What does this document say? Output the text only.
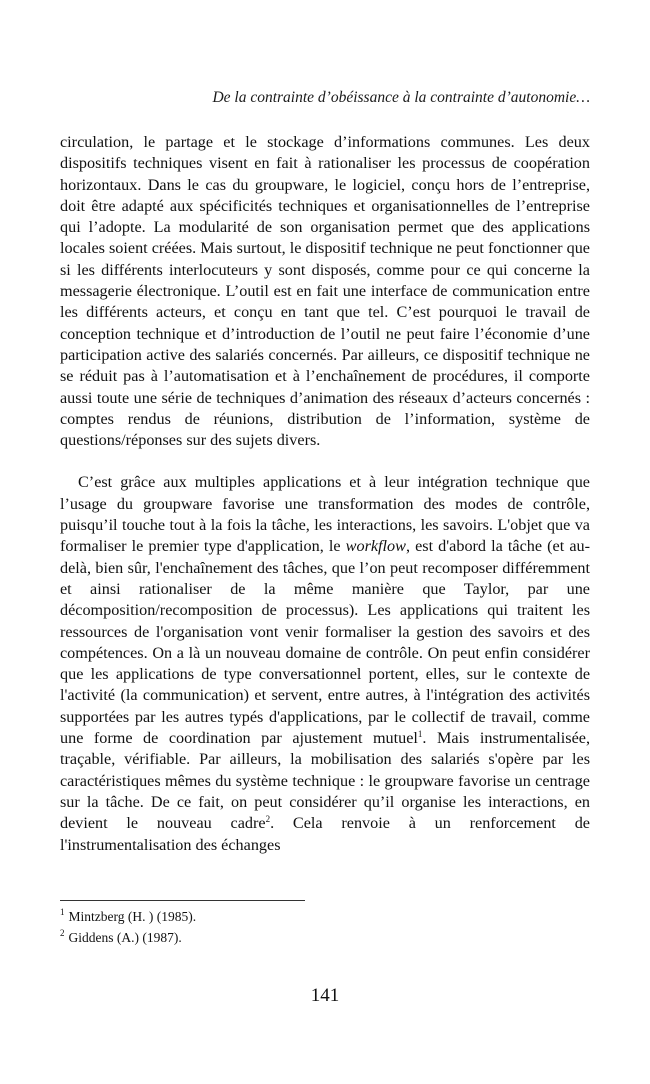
De la contrainte d’obéissance à la contrainte d’autonomie…

circulation, le partage et le stockage d’informations communes. Les deux dispositifs techniques visent en fait à rationaliser les processus de coopération horizontaux. Dans le cas du groupware, le logiciel, conçu hors de l’entreprise, doit être adapté aux spécificités techniques et organisationnelles de l’entreprise qui l’adopte. La modularité de son organisation permet que des applications locales soient créées. Mais surtout, le dispositif technique ne peut fonctionner que si les différents interlocuteurs y sont disposés, comme pour ce qui concerne la messagerie électronique. L’outil est en fait une interface de communication entre les différents acteurs, et conçu en tant que tel. C’est pourquoi le travail de conception technique et d’introduction de l’outil ne peut faire l’économie d’une participation active des salariés concernés. Par ailleurs, ce dispositif technique ne se réduit pas à l’automatisation et à l’enchaînement de procédures, il comporte aussi toute une série de techniques d’animation des réseaux d’acteurs concernés : comptes rendus de réunions, distribution de l’information, système de questions/réponses sur des sujets divers.

C’est grâce aux multiples applications et à leur intégration technique que l’usage du groupware favorise une transformation des modes de contrôle, puisqu’il touche tout à la fois la tâche, les interactions, les savoirs. L'objet que va formaliser le premier type d'application, le workflow, est d'abord la tâche (et au-delà, bien sûr, l'enchaînement des tâches, que l’on peut recomposer différemment et ainsi rationaliser de la même manière que Taylor, par une décomposition/recomposition de processus). Les applications qui traitent les ressources de l'organisation vont venir formaliser la gestion des savoirs et des compétences. On a là un nouveau domaine de contrôle. On peut enfin considérer que les applications de type conversationnel portent, elles, sur le contexte de l'activité (la communication) et servent, entre autres, à l'intégration des activités supportées par les autres typés d'applications, par le collectif de travail, comme une forme de coordination par ajustement mutuel$^1$. Mais instrumentalisée, traçable, vérifiable. Par ailleurs, la mobilisation des salariés s'opère par les caractéristiques mêmes du système technique : le groupware favorise un centrage sur la tâche. De ce fait, on peut considérer qu’il organise les interactions, en devient le nouveau cadre$^2$. Cela renvoie à un renforcement de l'instrumentalisation des échanges

$^1$ Mintzberg (H. ) (1985).
$^2$ Giddens (A.) (1987).
141
